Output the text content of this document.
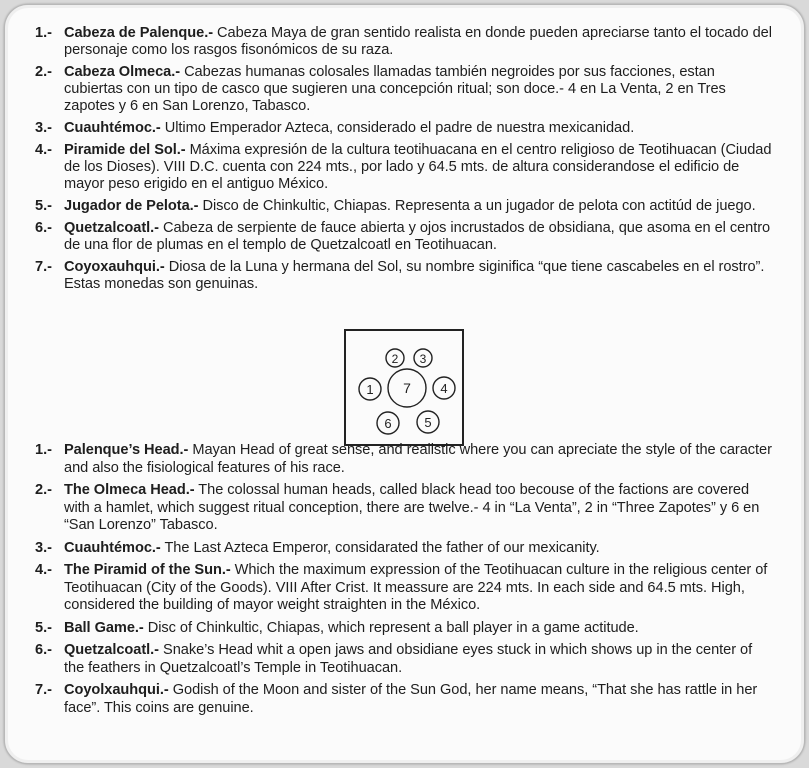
1.- Cabeza de Palenque.- Cabeza Maya de gran sentido realista en donde pueden apreciarse tanto el tocado del personaje como los rasgos fisonómicos de su raza.
2.- Cabeza Olmeca.- Cabezas humanas colosales llamadas también negroides por sus facciones, estan cubiertas con un tipo de casco que sugieren una concepción ritual; son doce.- 4 en La Venta, 2 en Tres zapotes y 6 en San Lorenzo, Tabasco.
3.- Cuauhtémoc.- Ultimo Emperador Azteca, considerado el padre de nuestra mexicanidad.
4.- Piramide del Sol.- Máxima expresión de la cultura teotihuacana en el centro religioso de Teotihuacan (Ciudad de los Dioses). VIII D.C. cuenta con 224 mts., por lado y 64.5 mts. de altura considerandose el edificio de mayor peso erigido en el antiguo México.
5.- Jugador de Pelota.- Disco de Chinkultic, Chiapas. Representa a un jugador de pelota con actitúd de juego.
6.- Quetzalcoatl.- Cabeza de serpiente de fauce abierta y ojos incrustados de obsidiana, que asoma en el centro de una flor de plumas en el templo de Quetzalcoatl en Teotihuacan.
7.- Coyoxauhqui.- Diosa de la Luna y hermana del Sol, su nombre siginifica “que tiene cascabeles en el rostro”. Estas monedas son genuinas.
7
1
2 3
4
5
6
1.- Palenque’s Head.- Mayan Head of great sense, and realistic where you can apreciate the style of the caracter and also the fisiological features of his race.
2.- The Olmeca Head.- The colossal human heads, called black head too becouse of the factions are covered with a hamlet, which suggest ritual conception, there are twelve.- 4 in “La Venta”, 2 in “Three Zapotes” y 6 en “San Lorenzo” Tabasco.
3.- Cuauhtémoc.- The Last Azteca Emperor, considarated the father of our mexicanity.
4.- The Piramid of the Sun.- Which the maximum expression of the Teotihuacan culture in the religious center of Teotihuacan (City of the Goods). VIII After Crist. It meassure are 224 mts. In each side and 64.5 mts. High, considered the building of mayor weight straighten in the México.
5.- Ball Game.- Disc of Chinkultic, Chiapas, which represent a ball player in a game actitude.
6.- Quetzalcoatl.- Snake’s Head whit a open jaws and obsidiane eyes stuck in which shows up in the center of the feathers in Quetzalcoatl’s Temple in Teotihuacan.
7.- Coyolxauhqui.- Godish of the Moon and sister of the Sun God, her name means, “That she has rattle in her face”. This coins are genuine.
